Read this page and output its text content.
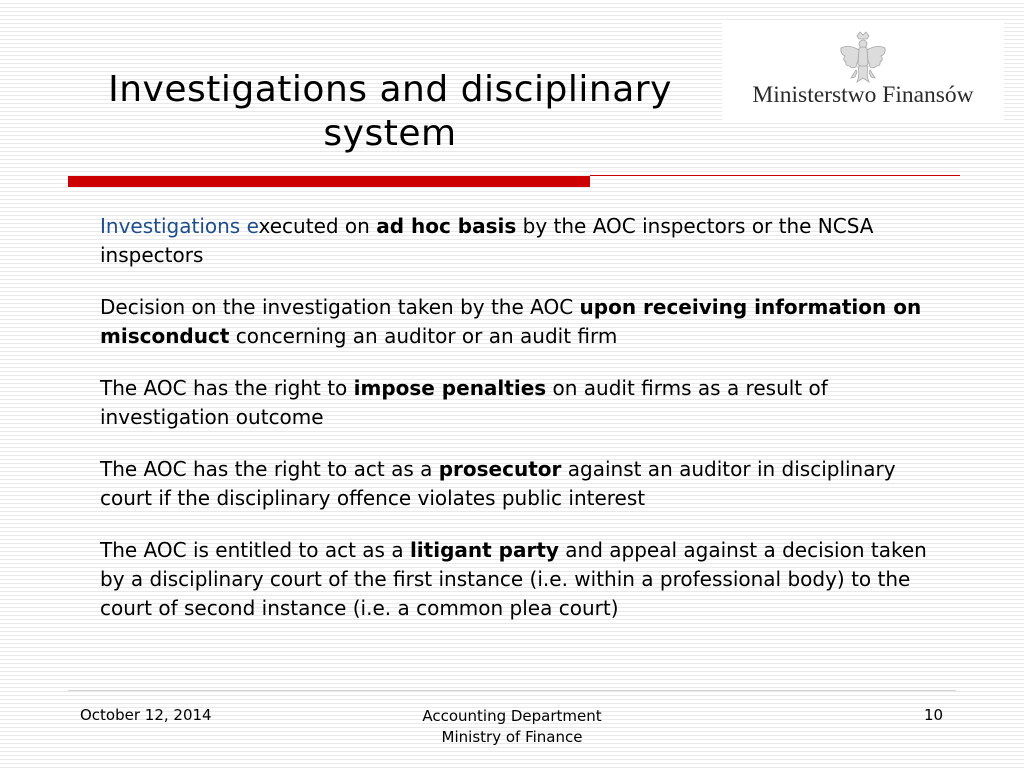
Investigations and disciplinary
system
Ministerstwo Finansów

Investigations executed on ad hoc basis by the AOC inspectors or the NCSA inspectors

Decision on the investigation taken by the AOC upon receiving information on misconduct concerning an auditor or an audit firm

The AOC has the right to impose penalties on audit firms as a result of investigation outcome

The AOC has the right to act as a prosecutor against an auditor in disciplinary court if the disciplinary offence violates public interest

The AOC is entitled to act as a litigant party and appeal against a decision taken by a disciplinary court of the first instance (i.e. within a professional body) to the court of second instance (i.e. a common plea court)

October 12, 2014	Accounting Department
Ministry of Finance
10
